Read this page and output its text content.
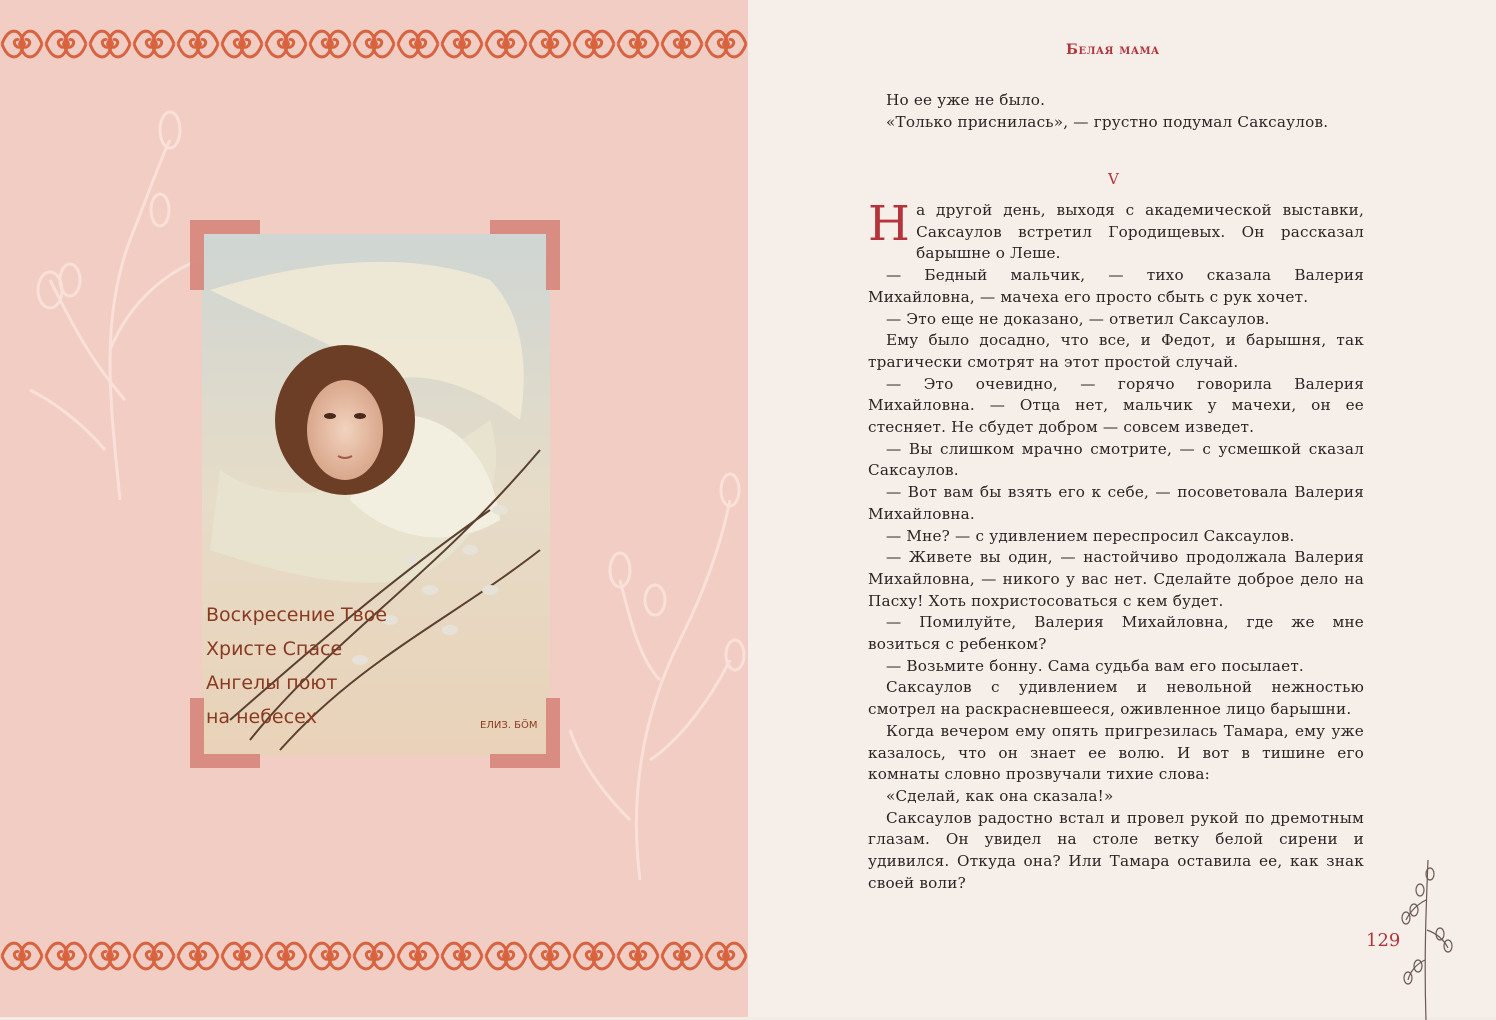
Воскресение Твое
Христе Спасе
Ангелы поют
на небесех	ЕЛИЗ. БÖМ
Белая мама

Но ее уже не было.

«Только приснилась», — грустно подумал Саксаулов.

V

На другой день, выходя с академической выставки, Саксаулов встретил Городищевых. Он рассказал барышне о Леше.

— Бедный мальчик, — тихо сказала Валерия Михайловна, — мачеха его просто сбыть с рук хочет.

— Это еще не доказано, — ответил Саксаулов.

Ему было досадно, что все, и Федот, и барышня, так трагически смотрят на этот простой случай.

— Это очевидно, — горячо говорила Валерия Михайловна. — Отца нет, мальчик у мачехи, он ее стесняет. Не сбудет добром — совсем изведет.

— Вы слишком мрачно смотрите, — с усмешкой сказал Саксаулов.

— Вот вам бы взять его к себе, — посоветовала Валерия Михайловна.

— Мне? — с удивлением переспросил Саксаулов.

— Живете вы один, — настойчиво продолжала Валерия Михайловна, — никого у вас нет. Сделайте доброе дело на Пасху! Хоть похристосоваться с кем будет.

— Помилуйте, Валерия Михайловна, где же мне возиться с ребенком?

— Возьмите бонну. Сама судьба вам его посылает.

Саксаулов с удивлением и невольной нежностью смотрел на раскрасневшееся, оживленное лицо барышни.

Когда вечером ему опять пригрезилась Тамара, ему уже казалось, что он знает ее волю. И вот в тишине его комнаты словно прозвучали тихие слова:

«Сделай, как она сказала!»

Саксаулов радостно встал и провел рукой по дремотным глазам. Он увидел на столе ветку белой сирени и удивился. Откуда она? Или Тамара оставила ее, как знак своей воли?

129
